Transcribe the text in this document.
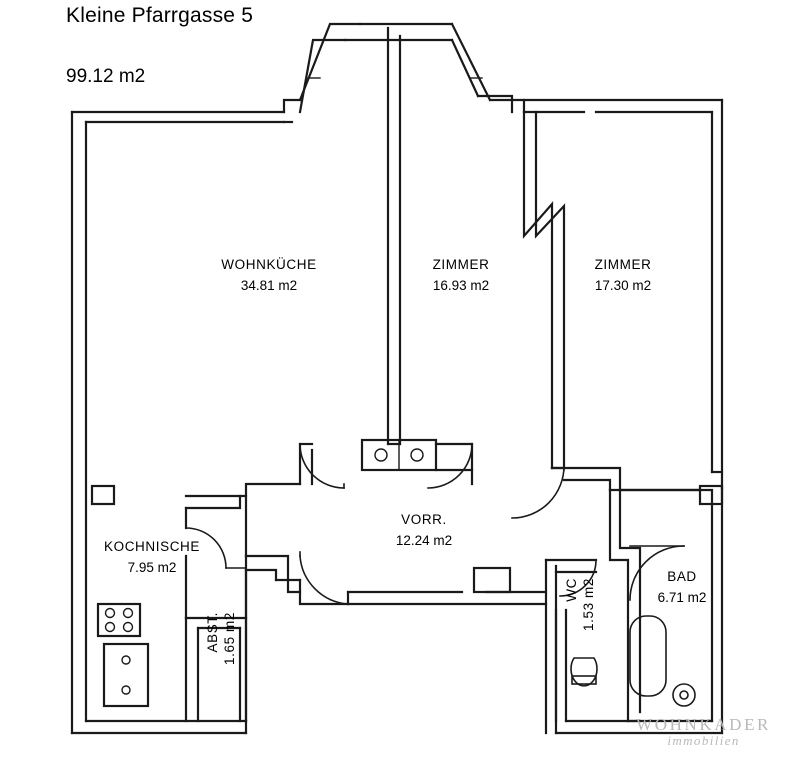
Kleine Pfarrgasse 5
99.12 m2
WOHNKÜCHE
34.81 m2
ZIMMER
16.93 m2
ZIMMER
17.30 m2
VORR.
12.24 m2
KOCHNISCHE
7.95 m2
BAD
6.71 m2
ABST. 1.65 m2
WC 1.53 m2
WOHNKADER
immobilien
